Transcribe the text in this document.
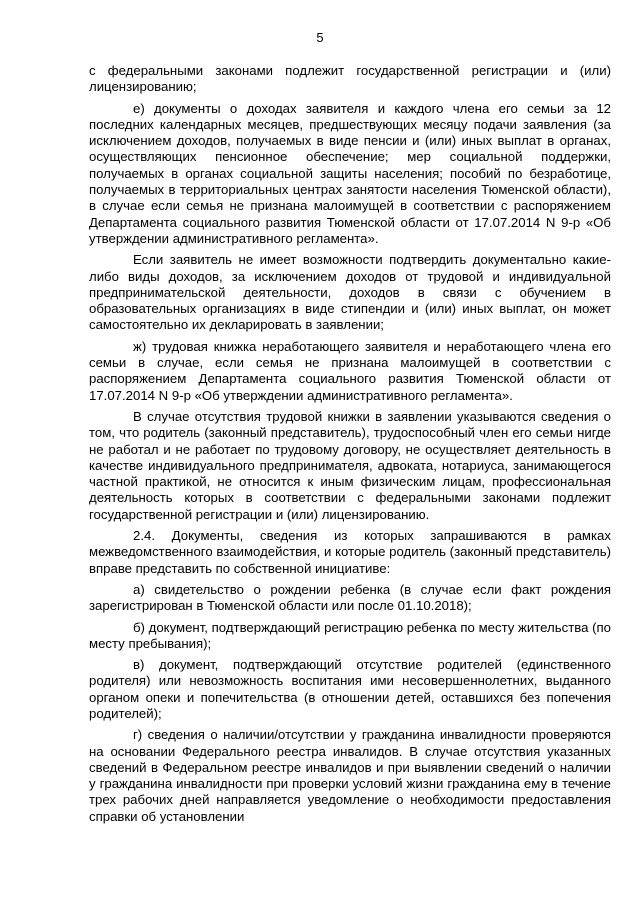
5

с федеральными законами подлежит государственной регистрации и (или) лицензированию;

е) документы о доходах заявителя и каждого члена его семьи за 12 последних календарных месяцев, предшествующих месяцу подачи заявления (за исключением доходов, получаемых в виде пенсии и (или) иных выплат в органах, осуществляющих пенсионное обеспечение; мер социальной поддержки, получаемых в органах социальной защиты населения; пособий по безработице, получаемых в территориальных центрах занятости населения Тюменской области), в случае если семья не признана малоимущей в соответствии с распоряжением Департамента социального развития Тюменской области от 17.07.2014 N 9-р «Об утверждении административного регламента».

Если заявитель не имеет возможности подтвердить документально какие-либо виды доходов, за исключением доходов от трудовой и индивидуальной предпринимательской деятельности, доходов в связи с обучением в образовательных организациях в виде стипендии и (или) иных выплат, он может самостоятельно их декларировать в заявлении;

ж) трудовая книжка неработающего заявителя и неработающего члена его семьи в случае, если семья не признана малоимущей в соответствии с распоряжением Департамента социального развития Тюменской области от 17.07.2014 N 9-р «Об утверждении административного регламента».

В случае отсутствия трудовой книжки в заявлении указываются сведения о том, что родитель (законный представитель), трудоспособный член его семьи нигде не работал и не работает по трудовому договору, не осуществляет деятельность в качестве индивидуального предпринимателя, адвоката, нотариуса, занимающегося частной практикой, не относится к иным физическим лицам, профессиональная деятельность которых в соответствии с федеральными законами подлежит государственной регистрации и (или) лицензированию.

2.4. Документы, сведения из которых запрашиваются в рамках межведомственного взаимодействия, и которые родитель (законный представитель) вправе представить по собственной инициативе:

а) свидетельство о рождении ребенка (в случае если факт рождения зарегистрирован в Тюменской области или после 01.10.2018);

б) документ, подтверждающий регистрацию ребенка по месту жительства (по месту пребывания);

в) документ, подтверждающий отсутствие родителей (единственного родителя) или невозможность воспитания ими несовершеннолетних, выданного органом опеки и попечительства (в отношении детей, оставшихся без попечения родителей);

г) сведения о наличии/отсутствии у гражданина инвалидности проверяются на основании Федерального реестра инвалидов. В случае отсутствия указанных сведений в Федеральном реестре инвалидов и при выявлении сведений о наличии у гражданина инвалидности при проверки условий жизни гражданина ему в течение трех рабочих дней направляется уведомление о необходимости предоставления справки об установлении
